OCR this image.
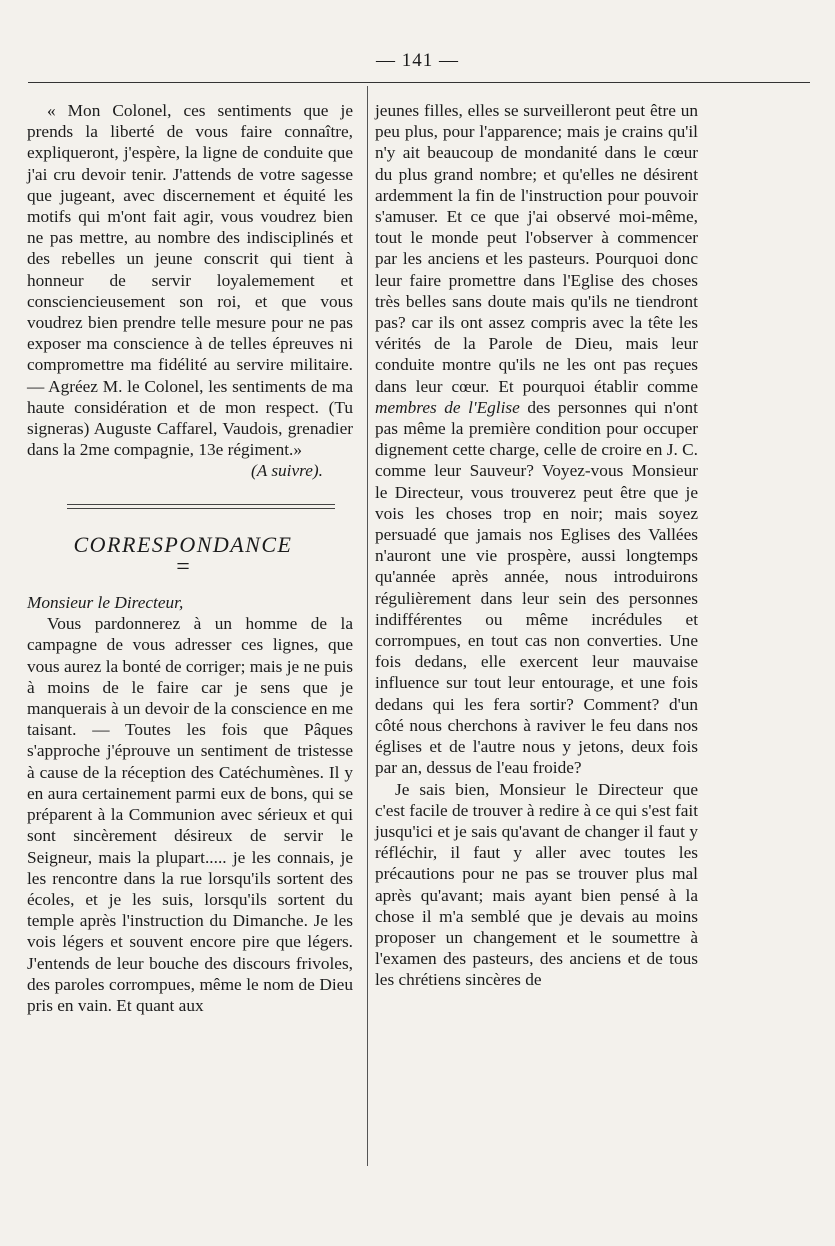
— 141 —

« Mon Colonel, ces sentiments que je prends la liberté de vous faire connaître, expliqueront, j'espère, la ligne de conduite que j'ai cru devoir tenir. J'attends de votre sagesse que jugeant, avec discernement et équité les motifs qui m'ont fait agir, vous voudrez bien ne pas mettre, au nombre des indisciplinés et des rebelles un jeune conscrit qui tient à honneur de servir loyalemement et consciencieusement son roi, et que vous voudrez bien prendre telle mesure pour ne pas exposer ma conscience à de telles épreuves ni compromettre ma fidélité au servire militaire. — Agréez M. le Colonel, les sentiments de ma haute considération et de mon respect. (Tu signeras) Auguste Caffarel, Vaudois, grenadier dans la 2me compagnie, 13e régiment.»

(A suivre).

CORRESPONDANCE
=

Monsieur le Directeur,

Vous pardonnerez à un homme de la campagne de vous adresser ces lignes, que vous aurez la bonté de corriger; mais je ne puis à moins de le faire car je sens que je manquerais à un devoir de la conscience en me taisant. — Toutes les fois que Pâques s'approche j'éprouve un sentiment de tristesse à cause de la réception des Catéchumènes. Il y en aura certainement parmi eux de bons, qui se préparent à la Communion avec sérieux et qui sont sincèrement désireux de servir le Seigneur, mais la plupart..... je les connais, je les rencontre dans la rue lorsqu'ils sortent des écoles, et je les suis, lorsqu'ils sortent du temple après l'instruction du Dimanche. Je les vois légers et souvent encore pire que légers. J'entends de leur bouche des discours frivoles, des paroles corrompues, même le nom de Dieu pris en vain. Et quant aux

jeunes filles, elles se surveilleront peut être un peu plus, pour l'apparence; mais je crains qu'il n'y ait beaucoup de mondanité dans le cœur du plus grand nombre; et qu'elles ne désirent ardemment la fin de l'instruction pour pouvoir s'amuser. Et ce que j'ai observé moi-même, tout le monde peut l'observer à commencer par les anciens et les pasteurs. Pourquoi donc leur faire promettre dans l'Eglise des choses très belles sans doute mais qu'ils ne tiendront pas? car ils ont assez compris avec la tête les vérités de la Parole de Dieu, mais leur conduite montre qu'ils ne les ont pas reçues dans leur cœur. Et pourquoi établir comme membres de l'Eglise des personnes qui n'ont pas même la première condition pour occuper dignement cette charge, celle de croire en J. C. comme leur Sauveur? Voyez-vous Monsieur le Directeur, vous trouverez peut être que je vois les choses trop en noir; mais soyez persuadé que jamais nos Eglises des Vallées n'auront une vie prospère, aussi longtemps qu'année après année, nous introduirons régulièrement dans leur sein des personnes indifférentes ou même incrédules et corrompues, en tout cas non converties. Une fois dedans, elle exercent leur mauvaise influence sur tout leur entourage, et une fois dedans qui les fera sortir? Comment? d'un côté nous cherchons à raviver le feu dans nos églises et de l'autre nous y jetons, deux fois par an, dessus de l'eau froide?

Je sais bien, Monsieur le Directeur que c'est facile de trouver à redire à ce qui s'est fait jusqu'ici et je sais qu'avant de changer il faut y réfléchir, il faut y aller avec toutes les précautions pour ne pas se trouver plus mal après qu'avant; mais ayant bien pensé à la chose il m'a semblé que je devais au moins proposer un changement et le soumettre à l'examen des pasteurs, des anciens et de tous les chrétiens sincères de
